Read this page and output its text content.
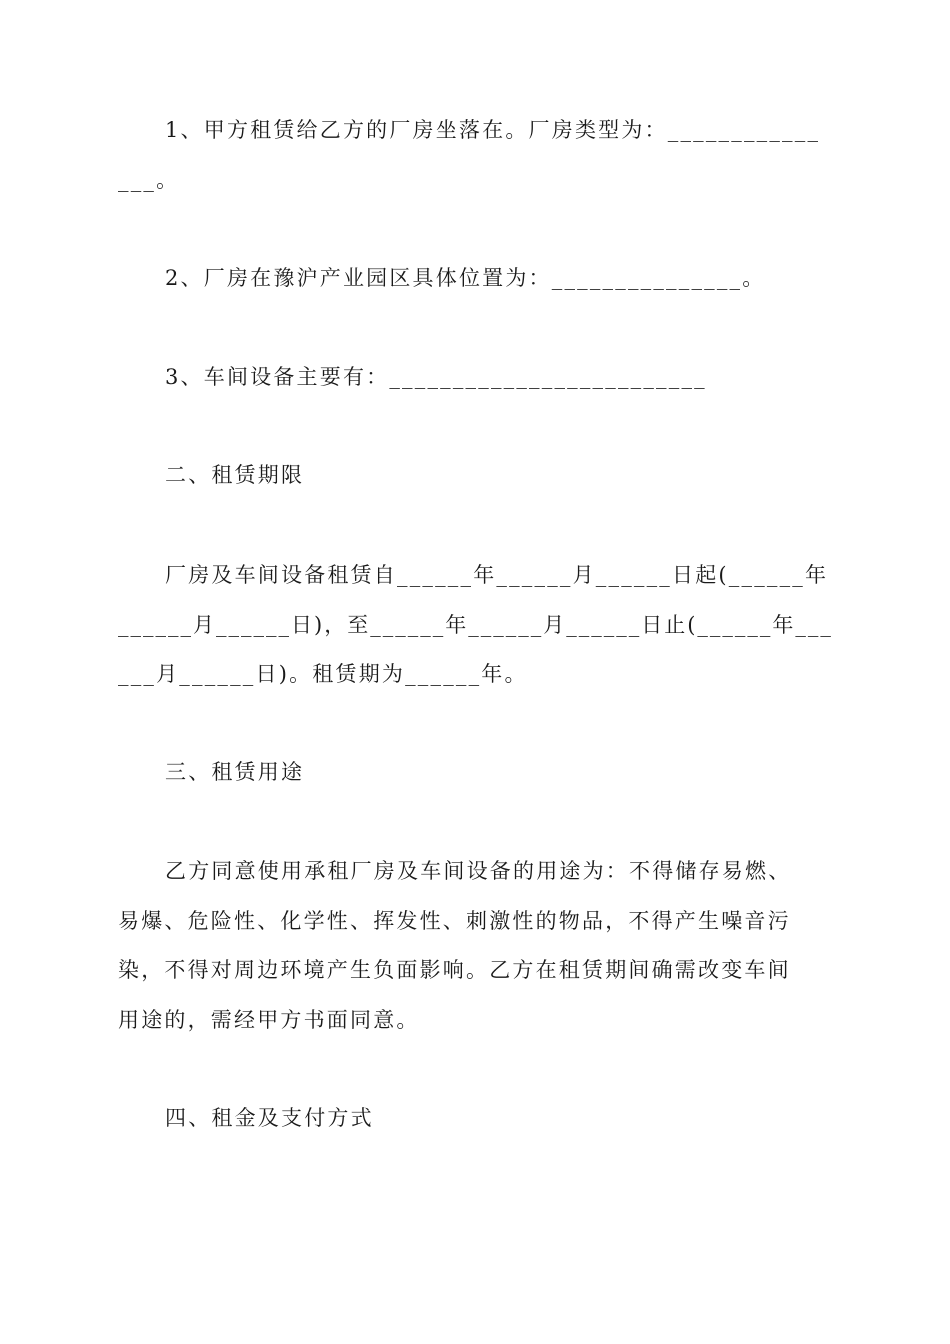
1、甲方租赁给乙方的厂房坐落在。厂房类型为：____________

___。

2、厂房在豫沪产业园区具体位置为：_______________。

3、车间设备主要有：_________________________

二、租赁期限

厂房及车间设备租赁自______年______月______日起(______年

______月______日)，至______年______月______日止(______年___

___月______日)。租赁期为______年。

三、租赁用途

乙方同意使用承租厂房及车间设备的用途为：不得储存易燃、

易爆、危险性、化学性、挥发性、刺激性的物品，不得产生噪音污

染，不得对周边环境产生负面影响。乙方在租赁期间确需改变车间

用途的，需经甲方书面同意。

四、租金及支付方式
